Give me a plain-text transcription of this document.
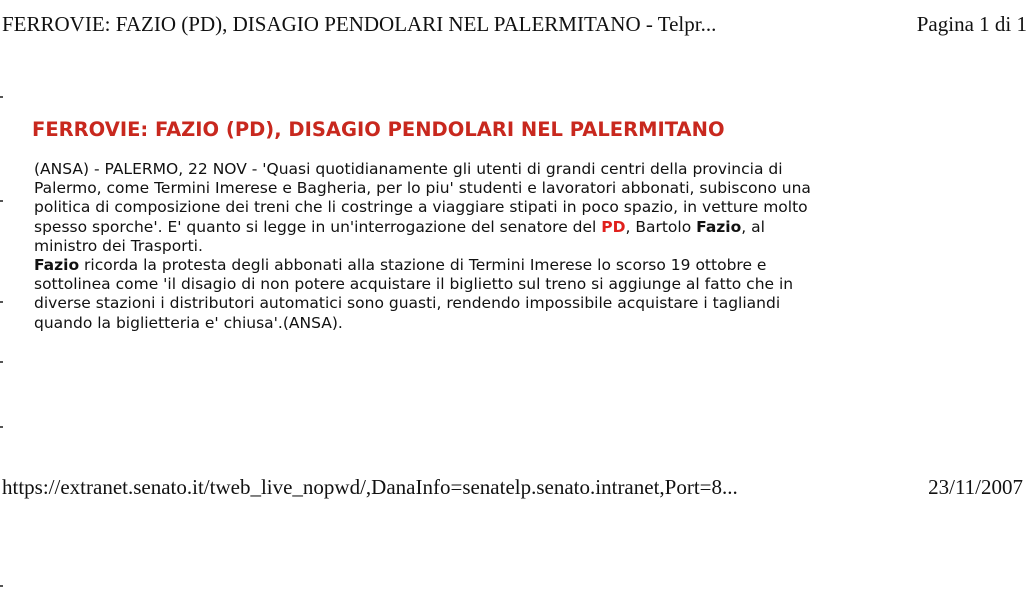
FERROVIE: FAZIO (PD), DISAGIO PENDOLARI NEL PALERMITANO - Telpr...	Pagina 1 di 1
FERROVIE: FAZIO (PD), DISAGIO PENDOLARI NEL PALERMITANO

(ANSA) - PALERMO, 22 NOV - 'Quasi quotidianamente gli utenti di grandi centri della provincia di
Palermo, come Termini Imerese e Bagheria, per lo piu' studenti e lavoratori abbonati, subiscono una
politica di composizione dei treni che li costringe a viaggiare stipati in poco spazio, in vetture molto
spesso sporche'. E' quanto si legge in un'interrogazione del senatore del PD, Bartolo Fazio, al
ministro dei Trasporti.

Fazio ricorda la protesta degli abbonati alla stazione di Termini Imerese lo scorso 19 ottobre e
sottolinea come 'il disagio di non potere acquistare il biglietto sul treno si aggiunge al fatto che in
diverse stazioni i distributori automatici sono guasti, rendendo impossibile acquistare i tagliandi
quando la biglietteria e' chiusa'.(ANSA).

https://extranet.senato.it/tweb_live_nopwd/,DanaInfo=senatelp.senato.intranet,Port=8...	23/11/2007
